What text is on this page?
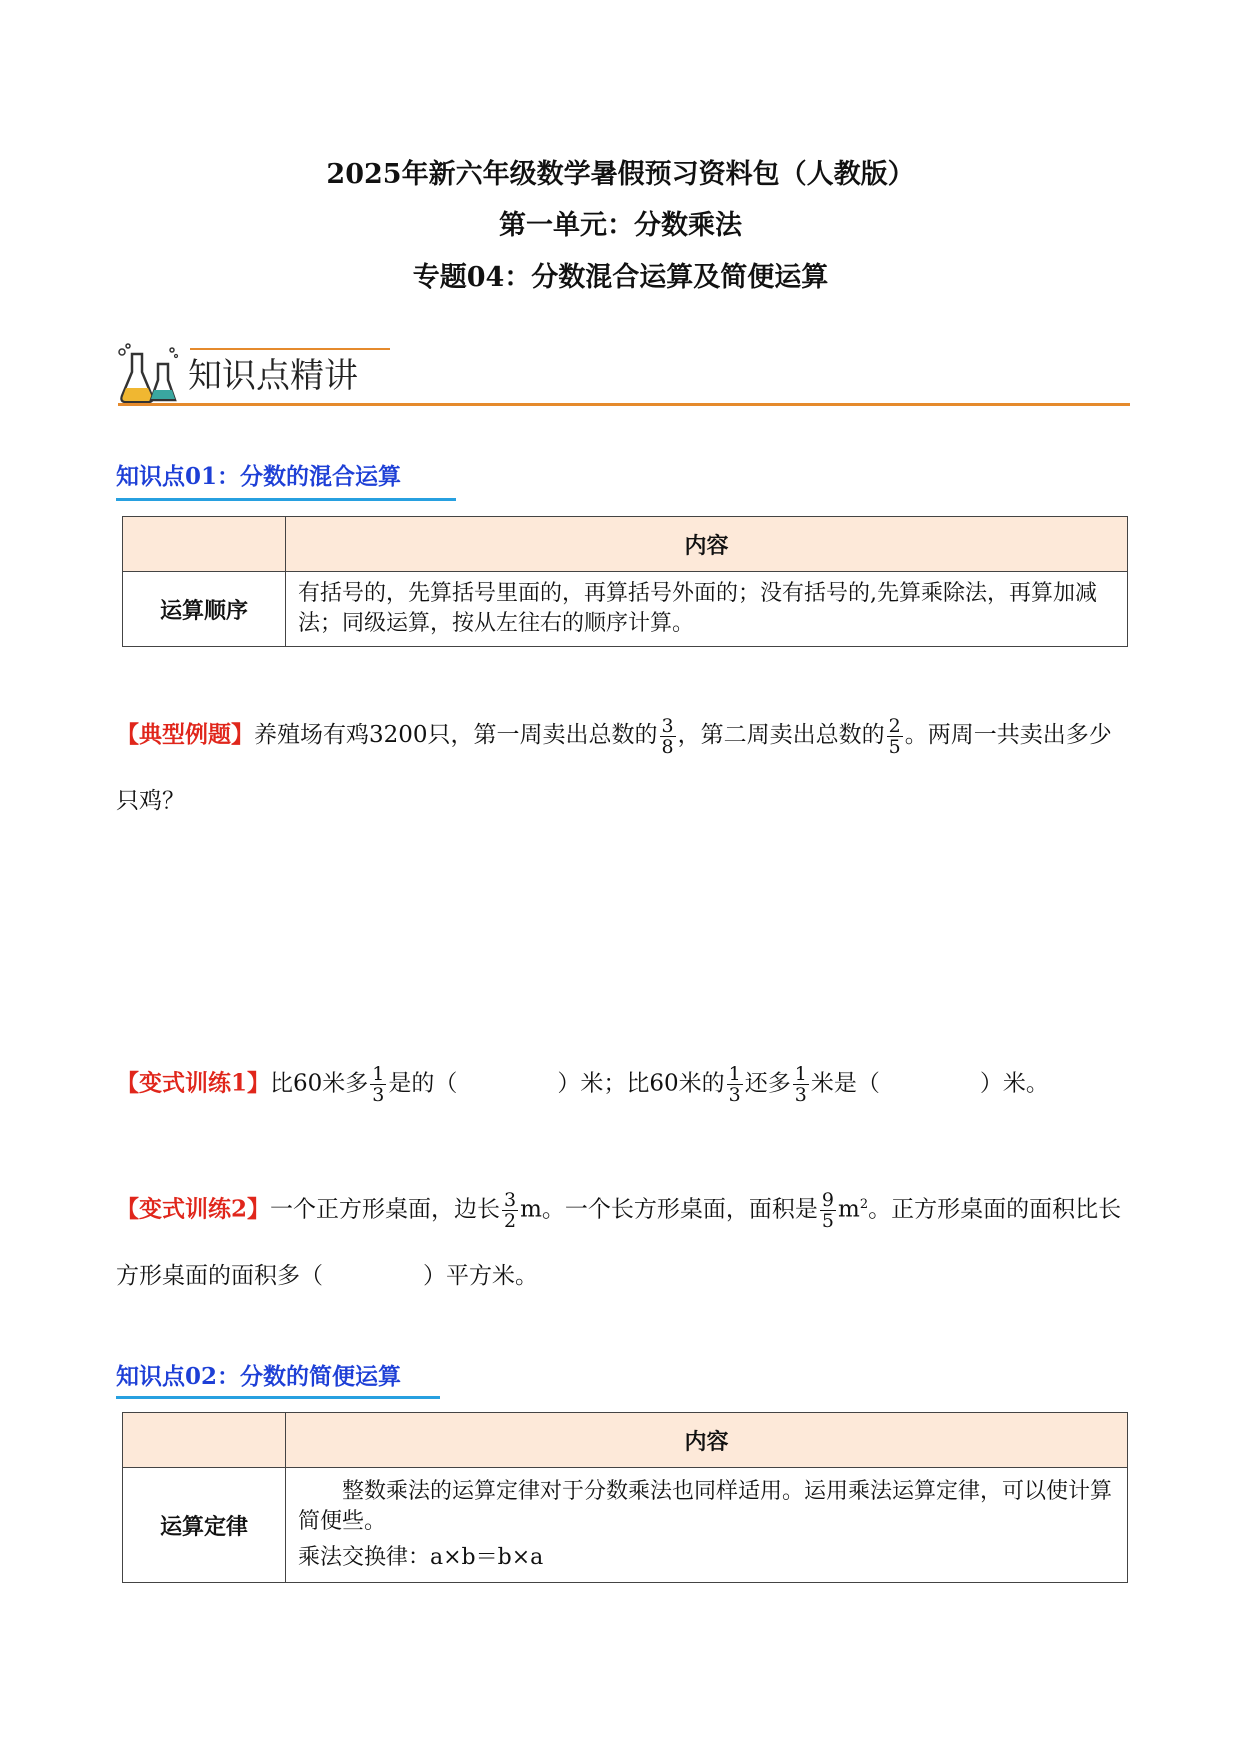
2025年新六年级数学暑假预习资料包（人教版）
第一单元：分数乘法
专题04：分数混合运算及简便运算
知识点精讲
知识点01：分数的混合运算
	内容
运算顺序	有括号的，先算括号里面的，再算括号外面的；没有括号的,先算乘除法，再算加减法；同级运算，按从左往右的顺序计算。
【典型例题】养殖场有鸡3200只，第一周卖出总数的 $\frac{3}{8}$ ，第二周卖出总数的 $\frac{2}{5}$ 。两周一共卖出多少只鸡？
【变式训练1】比60米多 $\frac{1}{3}$ 是的（	）米；比60米的 $\frac{1}{3}$ 还多 $\frac{1}{3}$ 米是（	）米。
【变式训练2】一个正方形桌面，边长 $\frac{3}{2}$ m。一个长方形桌面，面积是 $\frac{9}{5} m^2$。正方形桌面的面积比长方形桌面的面积多（	）平方米。
知识点02：分数的简便运算
	内容
运算定律	整数乘法的运算定律对于分数乘法也同样适用。运用乘法运算定律，可以使计算简便些。
乘法交换律：a×b＝b×a
